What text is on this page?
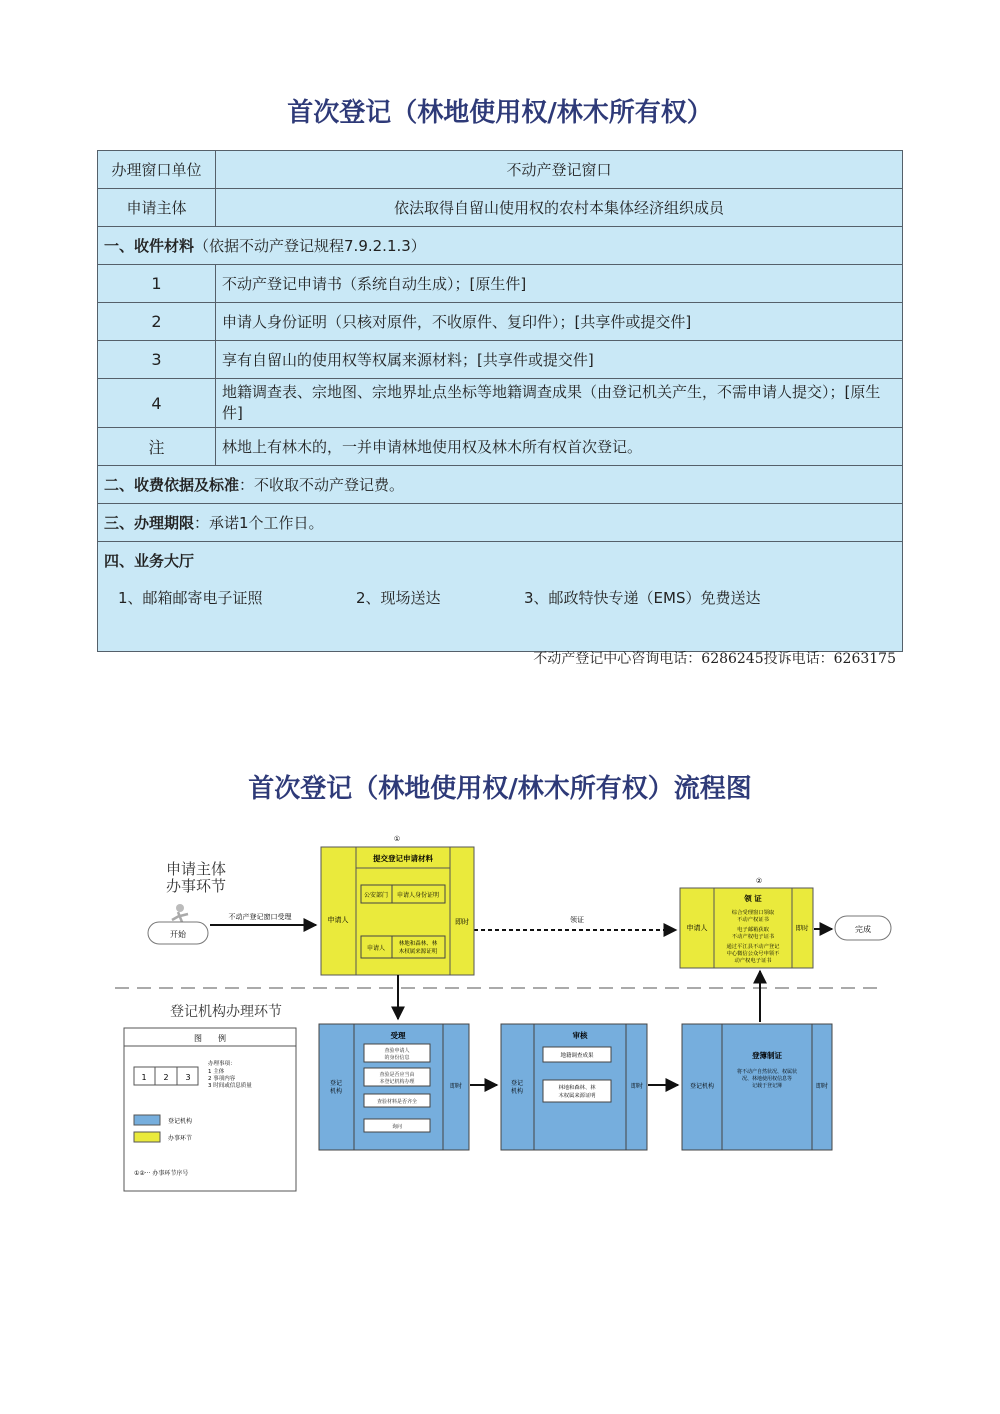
首次登记（林地使用权/林木所有权）
办理窗口单位	不动产登记窗口
申请主体	依法取得自留山使用权的农村本集体经济组织成员
一、收件材料（依据不动产登记规程7.9.2.1.3）	
1	不动产登记申请书（系统自动生成）；[原生件]
2	申请人身份证明（只核对原件，不收原件、复印件）；[共享件或提交件]
3	享有自留山的使用权等权属来源材料；[共享件或提交件]
4	地籍调查表、宗地图、宗地界址点坐标等地籍调查成果（由登记机关产生，不需申请人提交）；[原生件]
注	林地上有林木的，一并申请林地使用权及林木所有权首次登记。
二、收费依据及标准：不收取不动产登记费。	
三、办理期限：承诺1个工作日。	
四、业务大厅	

1、邮箱邮寄电子证照 2、现场送达 3、邮政特快专递（EMS）免费送达	
不动产登记中心咨询电话：6286245投诉电话：6263175
首次登记（林地使用权/林木所有权）流程图
申请主体
办事环节
登记机构办理环节
开始
完成
不动产登记窗口受理	领证
①
申请人	即时
提交登记申请材料
公安部门 申请人身份证明
申请人
林地和森林、林
木权属来源证明
②
申请人	即时
领 证
综合受理窗口领取
不动产权证书
电子邮箱获取
不动产权电子证书
通过平江县不动产登记
中心微信公众号申领不
动产权电子证书
登记
机构
即时
受理
查验申请人
的身份信息
查验是否应当由
本登记机构办理
查验材料是否齐全
询问
登记
机构
即时
审核
地籍调查成果
林地和森林、林
木权属来源证明
登记机构	即时
登簿制证
将不动产自然状况、权属状
况、林地使用权信息等
记载于登记簿
图　　例
1 2 3
办理事项：
1 主体
2 事项内容
3 时间或信息质量
登记机构
办事环节
①②··· 办事环节序号
